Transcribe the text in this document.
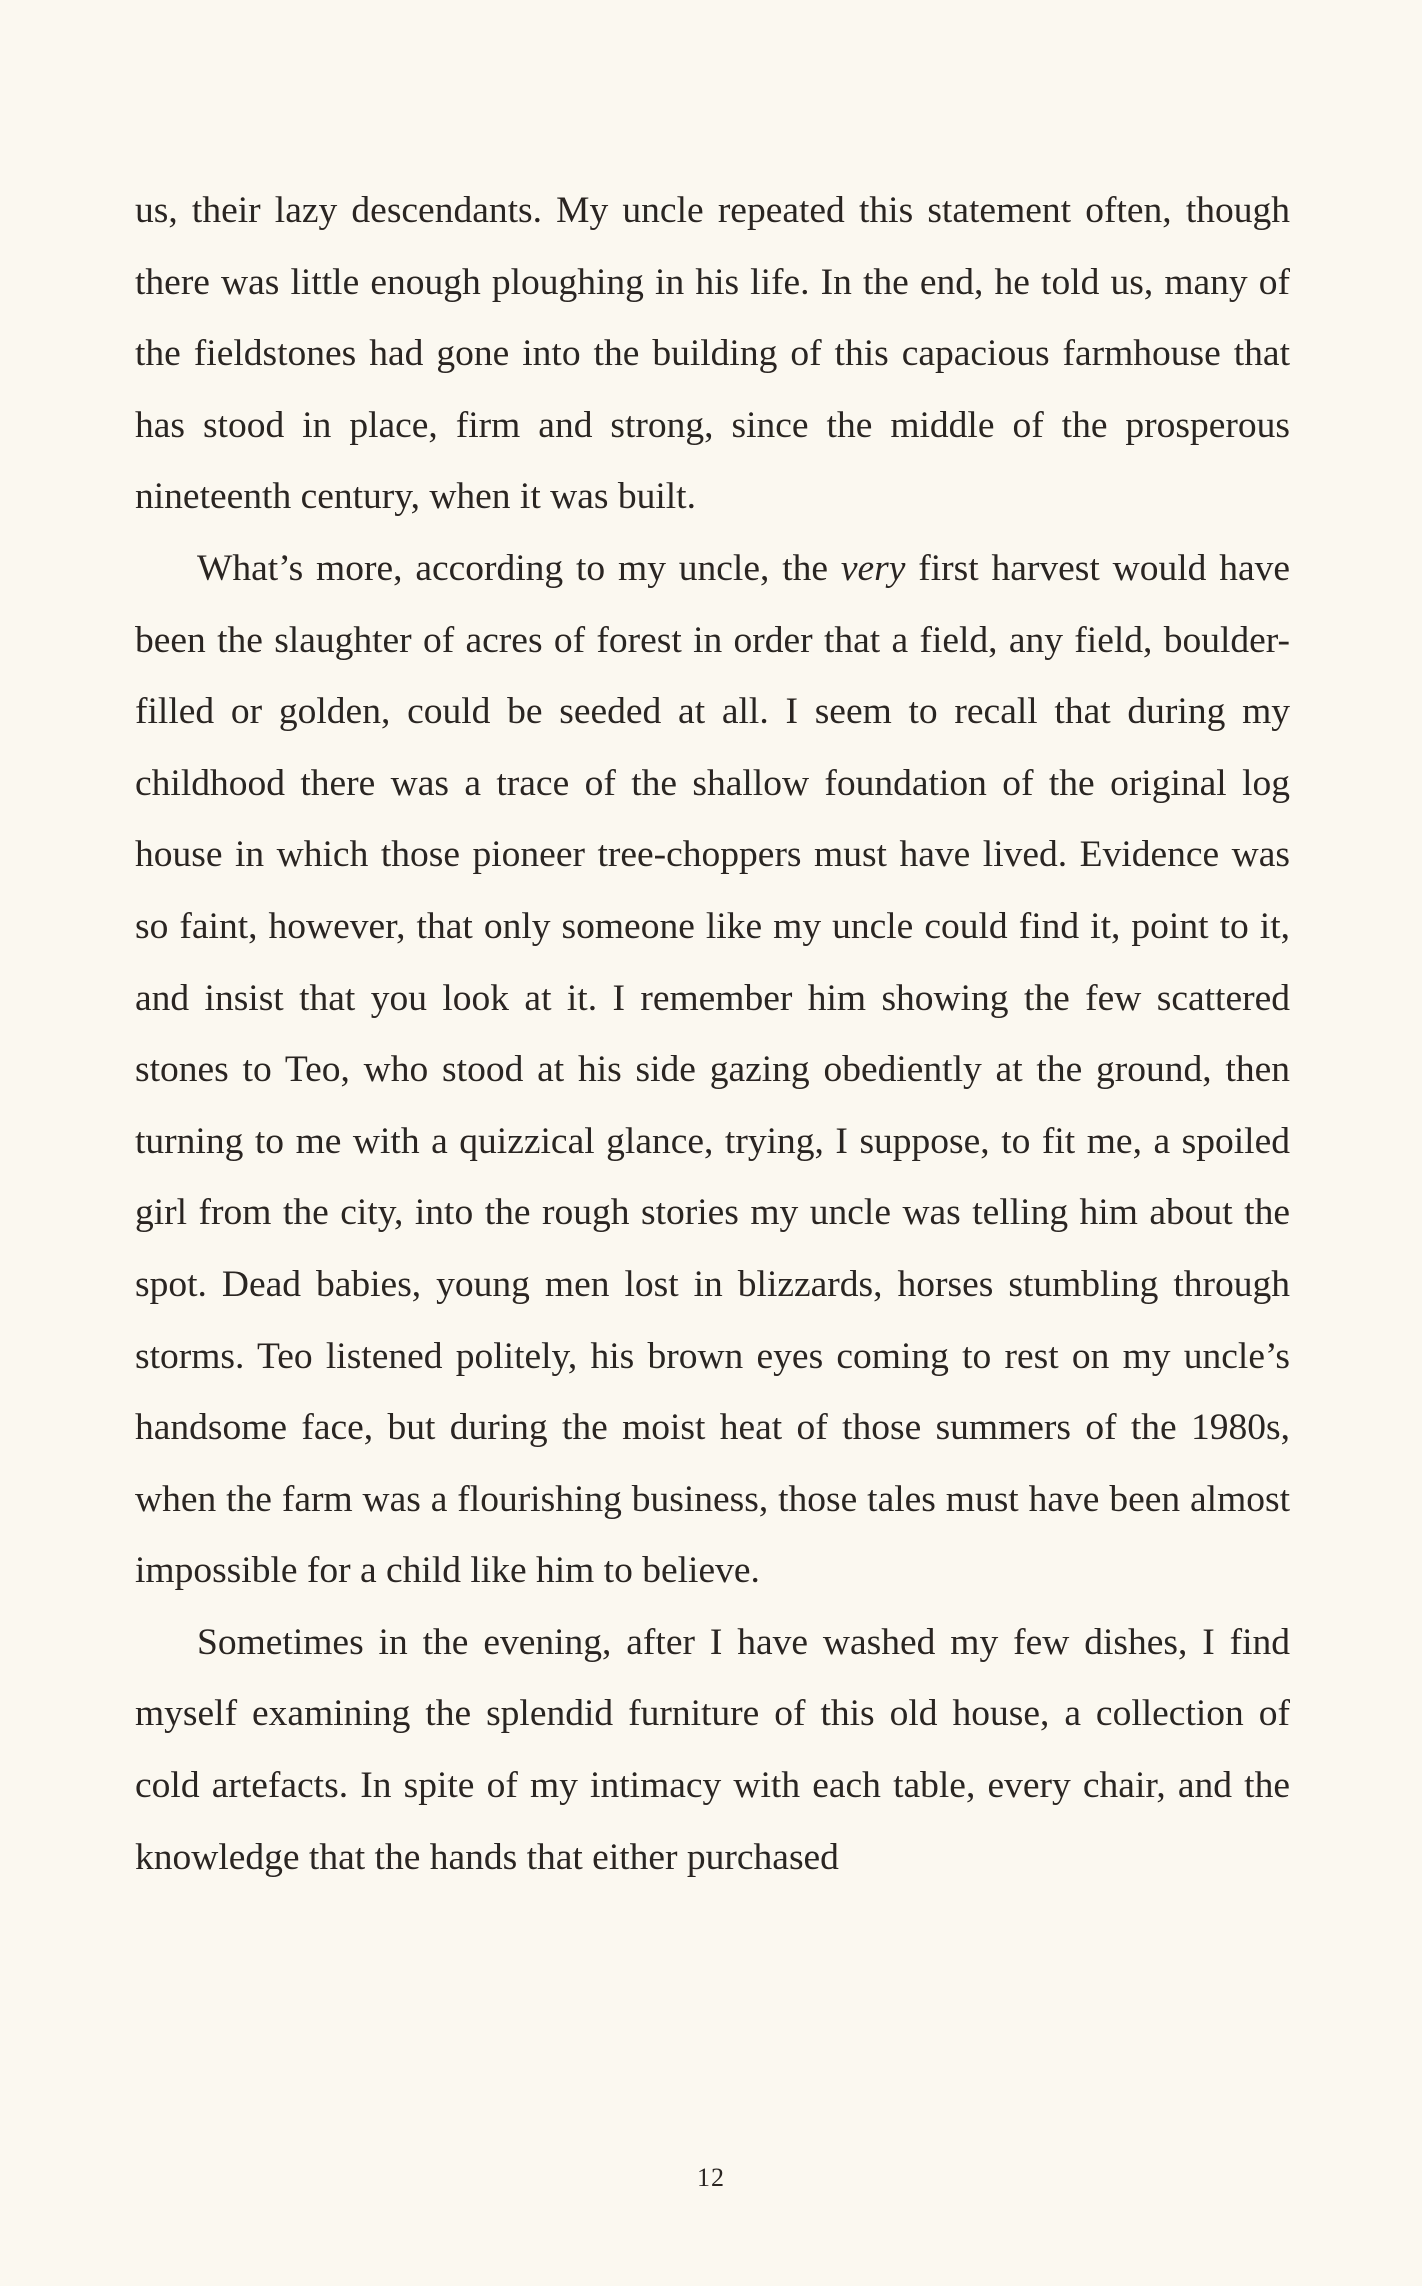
us, their lazy descendants. My uncle repeated this statement often, though there was little enough ploughing in his life. In the end, he told us, many of the fieldstones had gone into the building of this capacious farmhouse that has stood in place, firm and strong, since the middle of the prosperous nineteenth century, when it was built.

What’s more, according to my uncle, the very first harvest would have been the slaughter of acres of forest in order that a field, any field, boulder-filled or golden, could be seeded at all. I seem to recall that during my childhood there was a trace of the shallow foundation of the original log house in which those pioneer tree-choppers must have lived. Evidence was so faint, however, that only someone like my uncle could find it, point to it, and insist that you look at it. I remember him showing the few scattered stones to Teo, who stood at his side gazing obediently at the ground, then turning to me with a quizzical glance, trying, I suppose, to fit me, a spoiled girl from the city, into the rough stories my uncle was telling him about the spot. Dead babies, young men lost in blizzards, horses stumbling through storms. Teo listened politely, his brown eyes coming to rest on my uncle’s handsome face, but during the moist heat of those summers of the 1980s, when the farm was a flourishing business, those tales must have been almost impossible for a child like him to believe.

Sometimes in the evening, after I have washed my few dishes, I find myself examining the splendid furniture of this old house, a collection of cold artefacts. In spite of my intimacy with each table, every chair, and the knowledge that the hands that either purchased

12
